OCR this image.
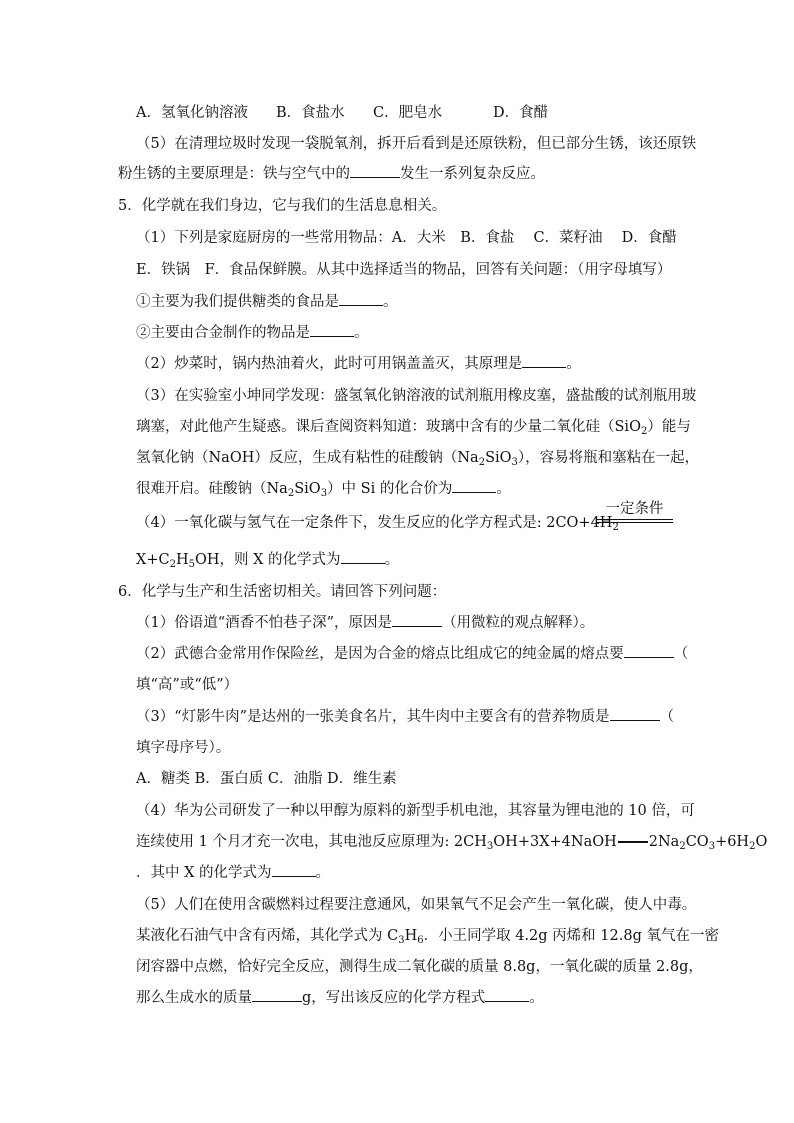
A．氢氧化钠溶液 B．食盐水 C．肥皂水	D．食醋
（5）在清理垃圾时发现一袋脱氧剂，拆开后看到是还原铁粉，但已部分生锈，该还原铁
粉生锈的主要原理是：铁与空气中的	发生一系列复杂反应。
5．化学就在我们身边，它与我们的生活息息相关。
（1）下列是家庭厨房的一些常用物品：A．大米　B．食盐　 C．菜籽油　 D．食醋
E．铁锅　F．食品保鲜膜。从其中选择适当的物品，回答有关问题：（用字母填写）
①主要为我们提供糖类的食品是	。
②主要由合金制作的物品是	。
（2）炒菜时，锅内热油着火，此时可用锅盖盖灭，其原理是	。
（3）在实验室小坤同学发现：盛氢氧化钠溶液的试剂瓶用橡皮塞，盛盐酸的试剂瓶用玻
璃塞，对此他产生疑惑。课后查阅资料知道：玻璃中含有的少量二氧化硅（SiO$_2$）能与
氢氧化钠（NaOH）反应，生成有粘性的硅酸钠$(Na_2SiO_3)$，容易将瓶和塞粘在一起，
很难开启。硅酸钠$(Na_2SiO_3)$中 Si 的化合价为	。
（4）一氧化碳与氢气在一定条件下，发生反应的化学方程式是: $2CO+4H_2$
一定条件
$X+C_2H_5OH$，则 X 的化学式为	。
6．化学与生产和生活密切相关。请回答下列问题：
（1）俗语道“酒香不怕巷子深”，原因是	（用微粒的观点解释）。
（2）武德合金常用作保险丝，是因为合金的熔点比组成它的纯金属的熔点要	（
填“高”或“低”）
（3）“灯影牛肉”是达州的一张美食名片，其牛肉中主要含有的营养物质是	（
填字母序号）。
A．糖类 B．蛋白质 C．油脂 D．维生素
（4）华为公司研发了一种以甲醇为原料的新型手机电池，其容量为锂电池的 10 倍，可
连续使用 1 个月才充一次电，其电池反应原理为: $2CH_3OH+3X+4NaOH$ $2Na_2CO_3+6H_2O$
．其中 X 的化学式为	。
（5）人们在使用含碳燃料过程要注意通风，如果氧气不足会产生一氧化碳，使人中毒。
某液化石油气中含有丙烯，其化学式为 $C_3H_6$．小王同学取 4.2g 丙烯和 12.8g 氧气在一密
闭容器中点燃，恰好完全反应，测得生成二氧化碳的质量 8.8g，一氧化碳的质量 2.8g，
那么生成水的质量	g，写出该反应的化学方程式	。
